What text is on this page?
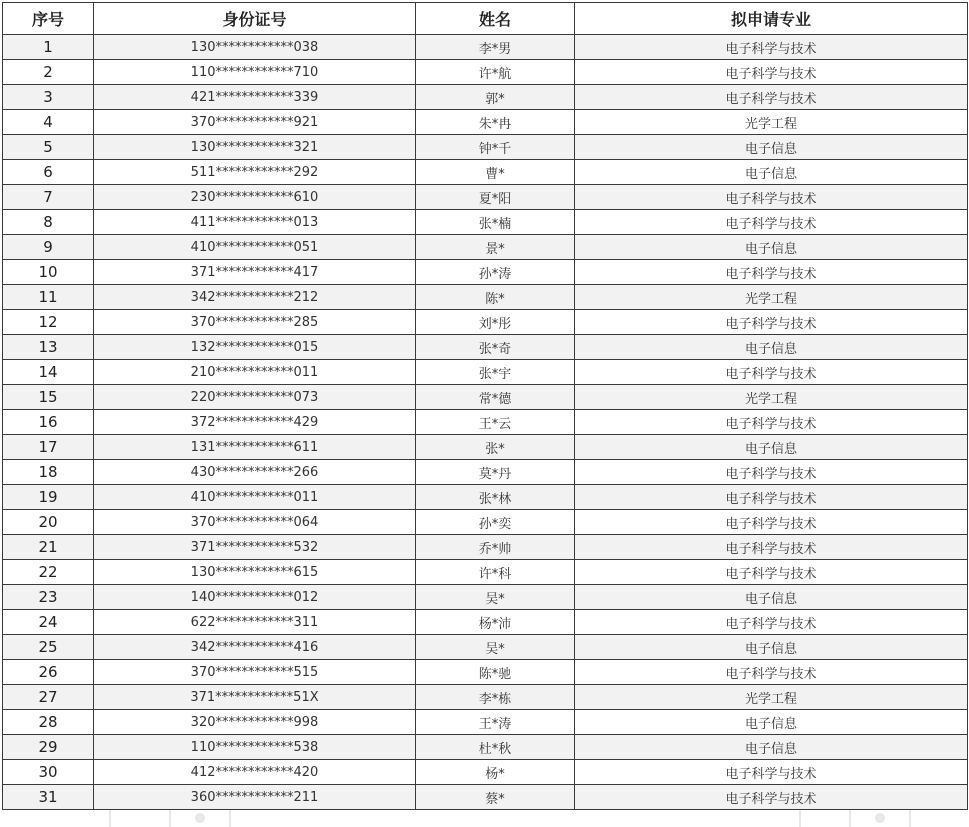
序号	身份证号	姓名	拟申请专业
1	130************038	李*男	电子科学与技术
2	110************710	许*航	电子科学与技术
3	421************339	郭*	电子科学与技术
4	370************921	朱*冉	光学工程
5	130************321	钟*千	电子信息
6	511************292	曹*	电子信息
7	230************610	夏*阳	电子科学与技术
8	411************013	张*楠	电子科学与技术
9	410************051	景*	电子信息
10	371************417	孙*涛	电子科学与技术
11	342************212	陈*	光学工程
12	370************285	刘*彤	电子科学与技术
13	132************015	张*奇	电子信息
14	210************011	张*宇	电子科学与技术
15	220************073	常*德	光学工程
16	372************429	王*云	电子科学与技术
17	131************611	张*	电子信息
18	430************266	莫*丹	电子科学与技术
19	410************011	张*林	电子科学与技术
20	370************064	孙*奕	电子科学与技术
21	371************532	乔*帅	电子科学与技术
22	130************615	许*科	电子科学与技术
23	140************012	吴*	电子信息
24	622************311	杨*沛	电子科学与技术
25	342************416	吴*	电子信息
26	370************515	陈*驰	电子科学与技术
27	371************51X	李*栋	光学工程
28	320************998	王*涛	电子信息
29	110************538	杜*秋	电子信息
30	412************420	杨*	电子科学与技术
31	360************211	蔡*	电子科学与技术
